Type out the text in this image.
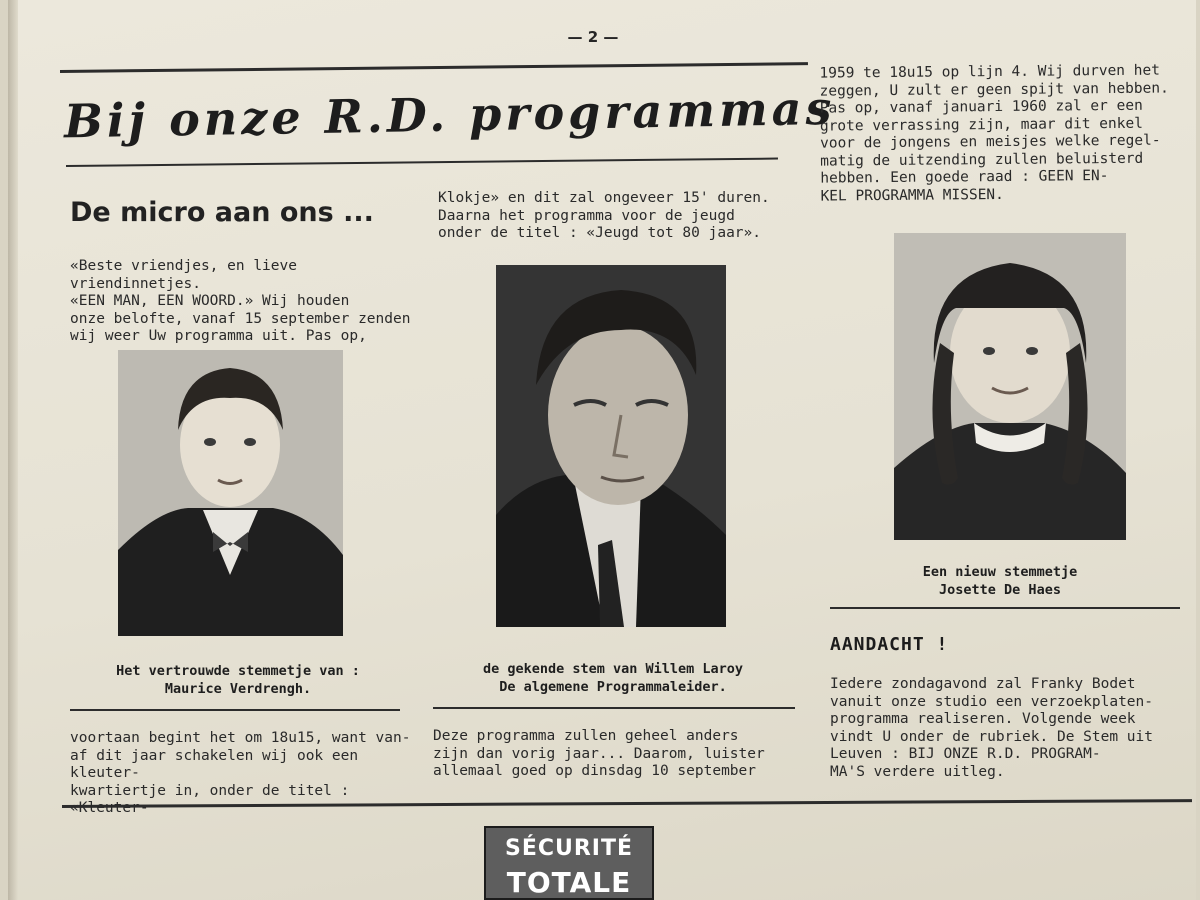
— 2 —
Bij onze R.D. programmas
De micro aan ons ...
«Beste vriendjes, en lieve vriendinnetjes.
«EEN MAN, EEN WOORD.» Wij houden
onze belofte, vanaf 15 september zenden
wij weer Uw programma uit. Pas op,
Het vertrouwde stemmetje van :
Maurice Verdrengh.
voortaan begint het om 18u15, want van-
af dit jaar schakelen wij ook een kleuter-
kwartiertje in, onder de titel : «Kleuter-
Klokje» en dit zal ongeveer 15' duren.
Daarna het programma voor de jeugd
onder de titel : «Jeugd tot 80 jaar».
de gekende stem van Willem Laroy
De algemene Programmaleider.
Deze programma zullen geheel anders
zijn dan vorig jaar... Daarom, luister
allemaal goed op dinsdag 10 september
1959 te 18u15 op lijn 4. Wij durven het
zeggen, U zult er geen spijt van hebben.
Pas op, vanaf januari 1960 zal er een
grote verrassing zijn, maar dit enkel
voor de jongens en meisjes welke regel-
matig de uitzending zullen beluisterd
hebben. Een goede raad : GEEN EN-
KEL PROGRAMMA MISSEN.
Een nieuw stemmetje
Josette De Haes
AANDACHT !
Iedere zondagavond zal Franky Bodet
vanuit onze studio een verzoekplaten-
programma realiseren. Volgende week
vindt U onder de rubriek. De Stem uit
Leuven : BIJ ONZE R.D. PROGRAM-
MA'S verdere uitleg.
SÉCURITÉ
TOTALE
